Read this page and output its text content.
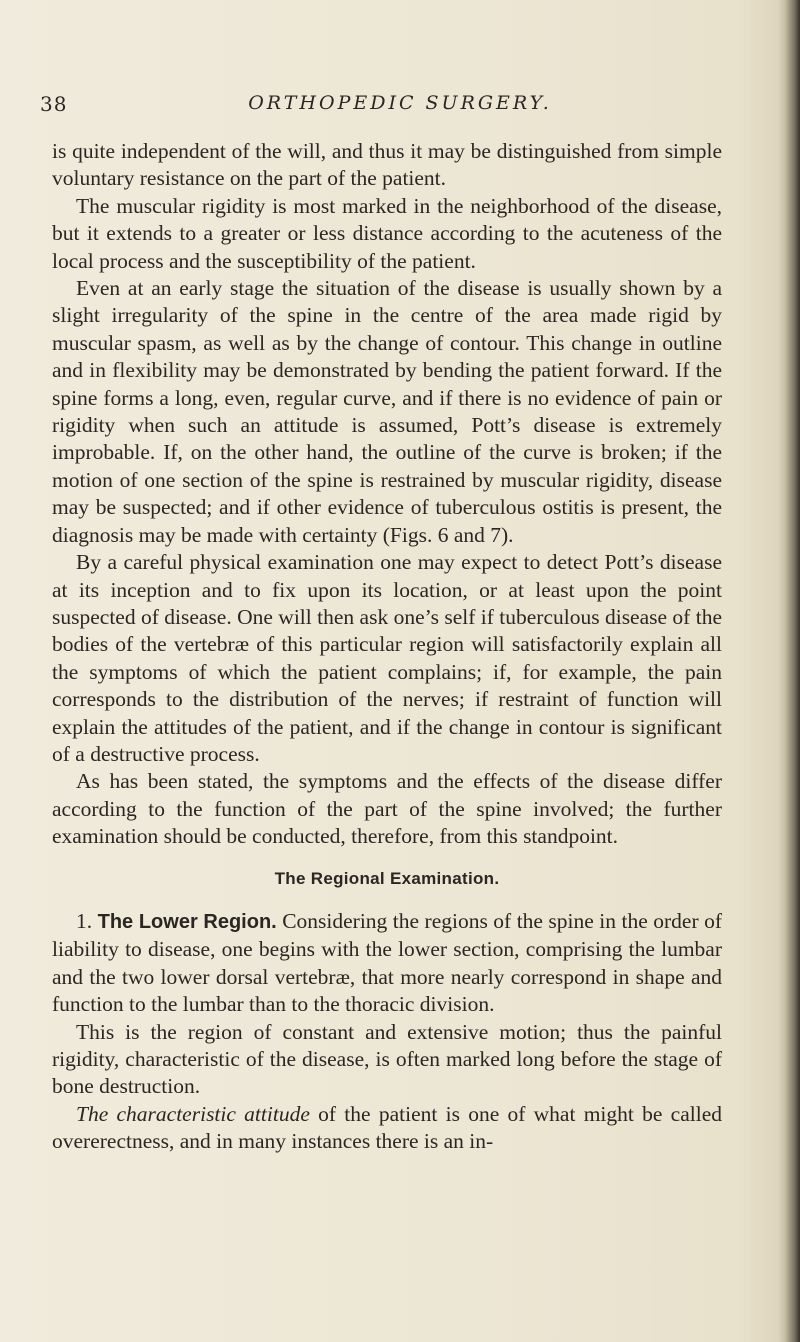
38	ORTHOPEDIC SURGERY.

is quite independent of the will, and thus it may be distinguished from simple voluntary resistance on the part of the patient.

The muscular rigidity is most marked in the neighborhood of the disease, but it extends to a greater or less distance according to the acuteness of the local process and the susceptibility of the patient.

Even at an early stage the situation of the disease is usually shown by a slight irregularity of the spine in the centre of the area made rigid by muscular spasm, as well as by the change of contour. This change in outline and in flexibility may be demonstrated by bending the patient forward. If the spine forms a long, even, regular curve, and if there is no evidence of pain or rigidity when such an attitude is assumed, Pott’s disease is extremely improbable. If, on the other hand, the outline of the curve is broken; if the motion of one section of the spine is restrained by muscular rigidity, disease may be suspected; and if other evidence of tuberculous ostitis is present, the diagnosis may be made with certainty (Figs. 6 and 7).

By a careful physical examination one may expect to detect Pott’s disease at its inception and to fix upon its location, or at least upon the point suspected of disease. One will then ask one’s self if tuberculous disease of the bodies of the vertebræ of this particular region will satisfactorily explain all the symptoms of which the patient complains; if, for example, the pain corresponds to the distribution of the nerves; if restraint of function will explain the attitudes of the patient, and if the change in contour is significant of a destructive process.

As has been stated, the symptoms and the effects of the disease differ according to the function of the part of the spine involved; the further examination should be conducted, therefore, from this standpoint.

The Regional Examination.

1. The Lower Region. Considering the regions of the spine in the order of liability to disease, one begins with the lower section, comprising the lumbar and the two lower dorsal vertebræ, that more nearly correspond in shape and function to the lumbar than to the thoracic division.

This is the region of constant and extensive motion; thus the painful rigidity, characteristic of the disease, is often marked long before the stage of bone destruction.

The characteristic attitude of the patient is one of what might be called overerectness, and in many instances there is an in-
